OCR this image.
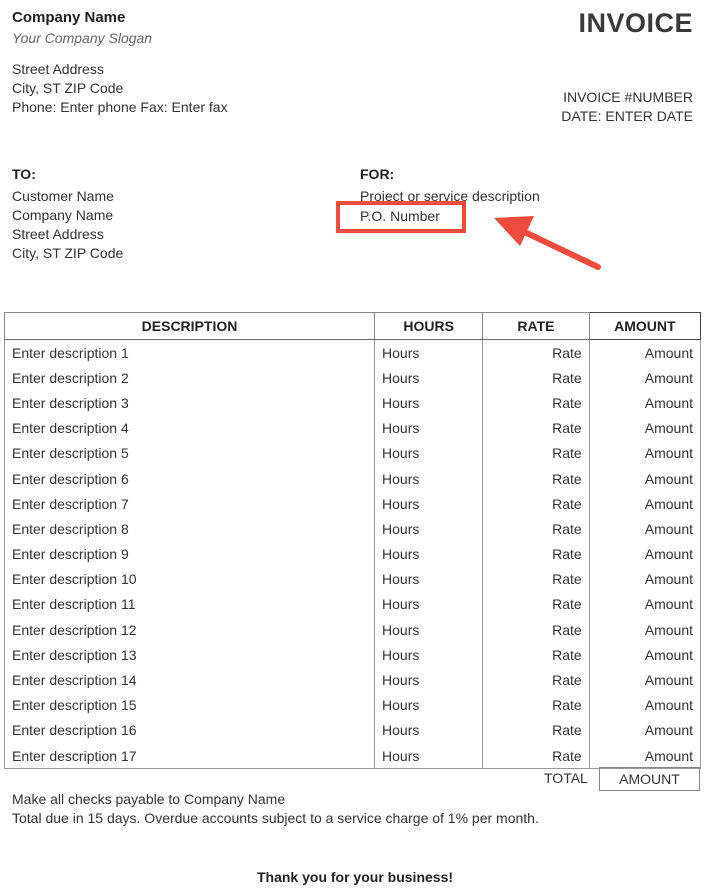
Company Name
Your Company Slogan
Street Address
City, ST ZIP Code
Phone: Enter phone Fax: Enter fax
INVOICE
INVOICE #NUMBER
DATE: ENTER DATE
TO:
Customer Name
Company Name
Street Address
City, ST ZIP Code
FOR:
Project or service description
P.O. Number
DESCRIPTION	HOURS	RATE	AMOUNT
Enter description 1	Hours	Rate	Amount
Enter description 2	Hours	Rate	Amount
Enter description 3	Hours	Rate	Amount
Enter description 4	Hours	Rate	Amount
Enter description 5	Hours	Rate	Amount
Enter description 6	Hours	Rate	Amount
Enter description 7	Hours	Rate	Amount
Enter description 8	Hours	Rate	Amount
Enter description 9	Hours	Rate	Amount
Enter description 10	Hours	Rate	Amount
Enter description 11	Hours	Rate	Amount
Enter description 12	Hours	Rate	Amount
Enter description 13	Hours	Rate	Amount
Enter description 14	Hours	Rate	Amount
Enter description 15	Hours	Rate	Amount
Enter description 16	Hours	Rate	Amount
Enter description 17	Hours	Rate	Amount
TOTAL	AMOUNT
Make all checks payable to Company Name
Total due in 15 days. Overdue accounts subject to a service charge of 1% per month.
Thank you for your business!
